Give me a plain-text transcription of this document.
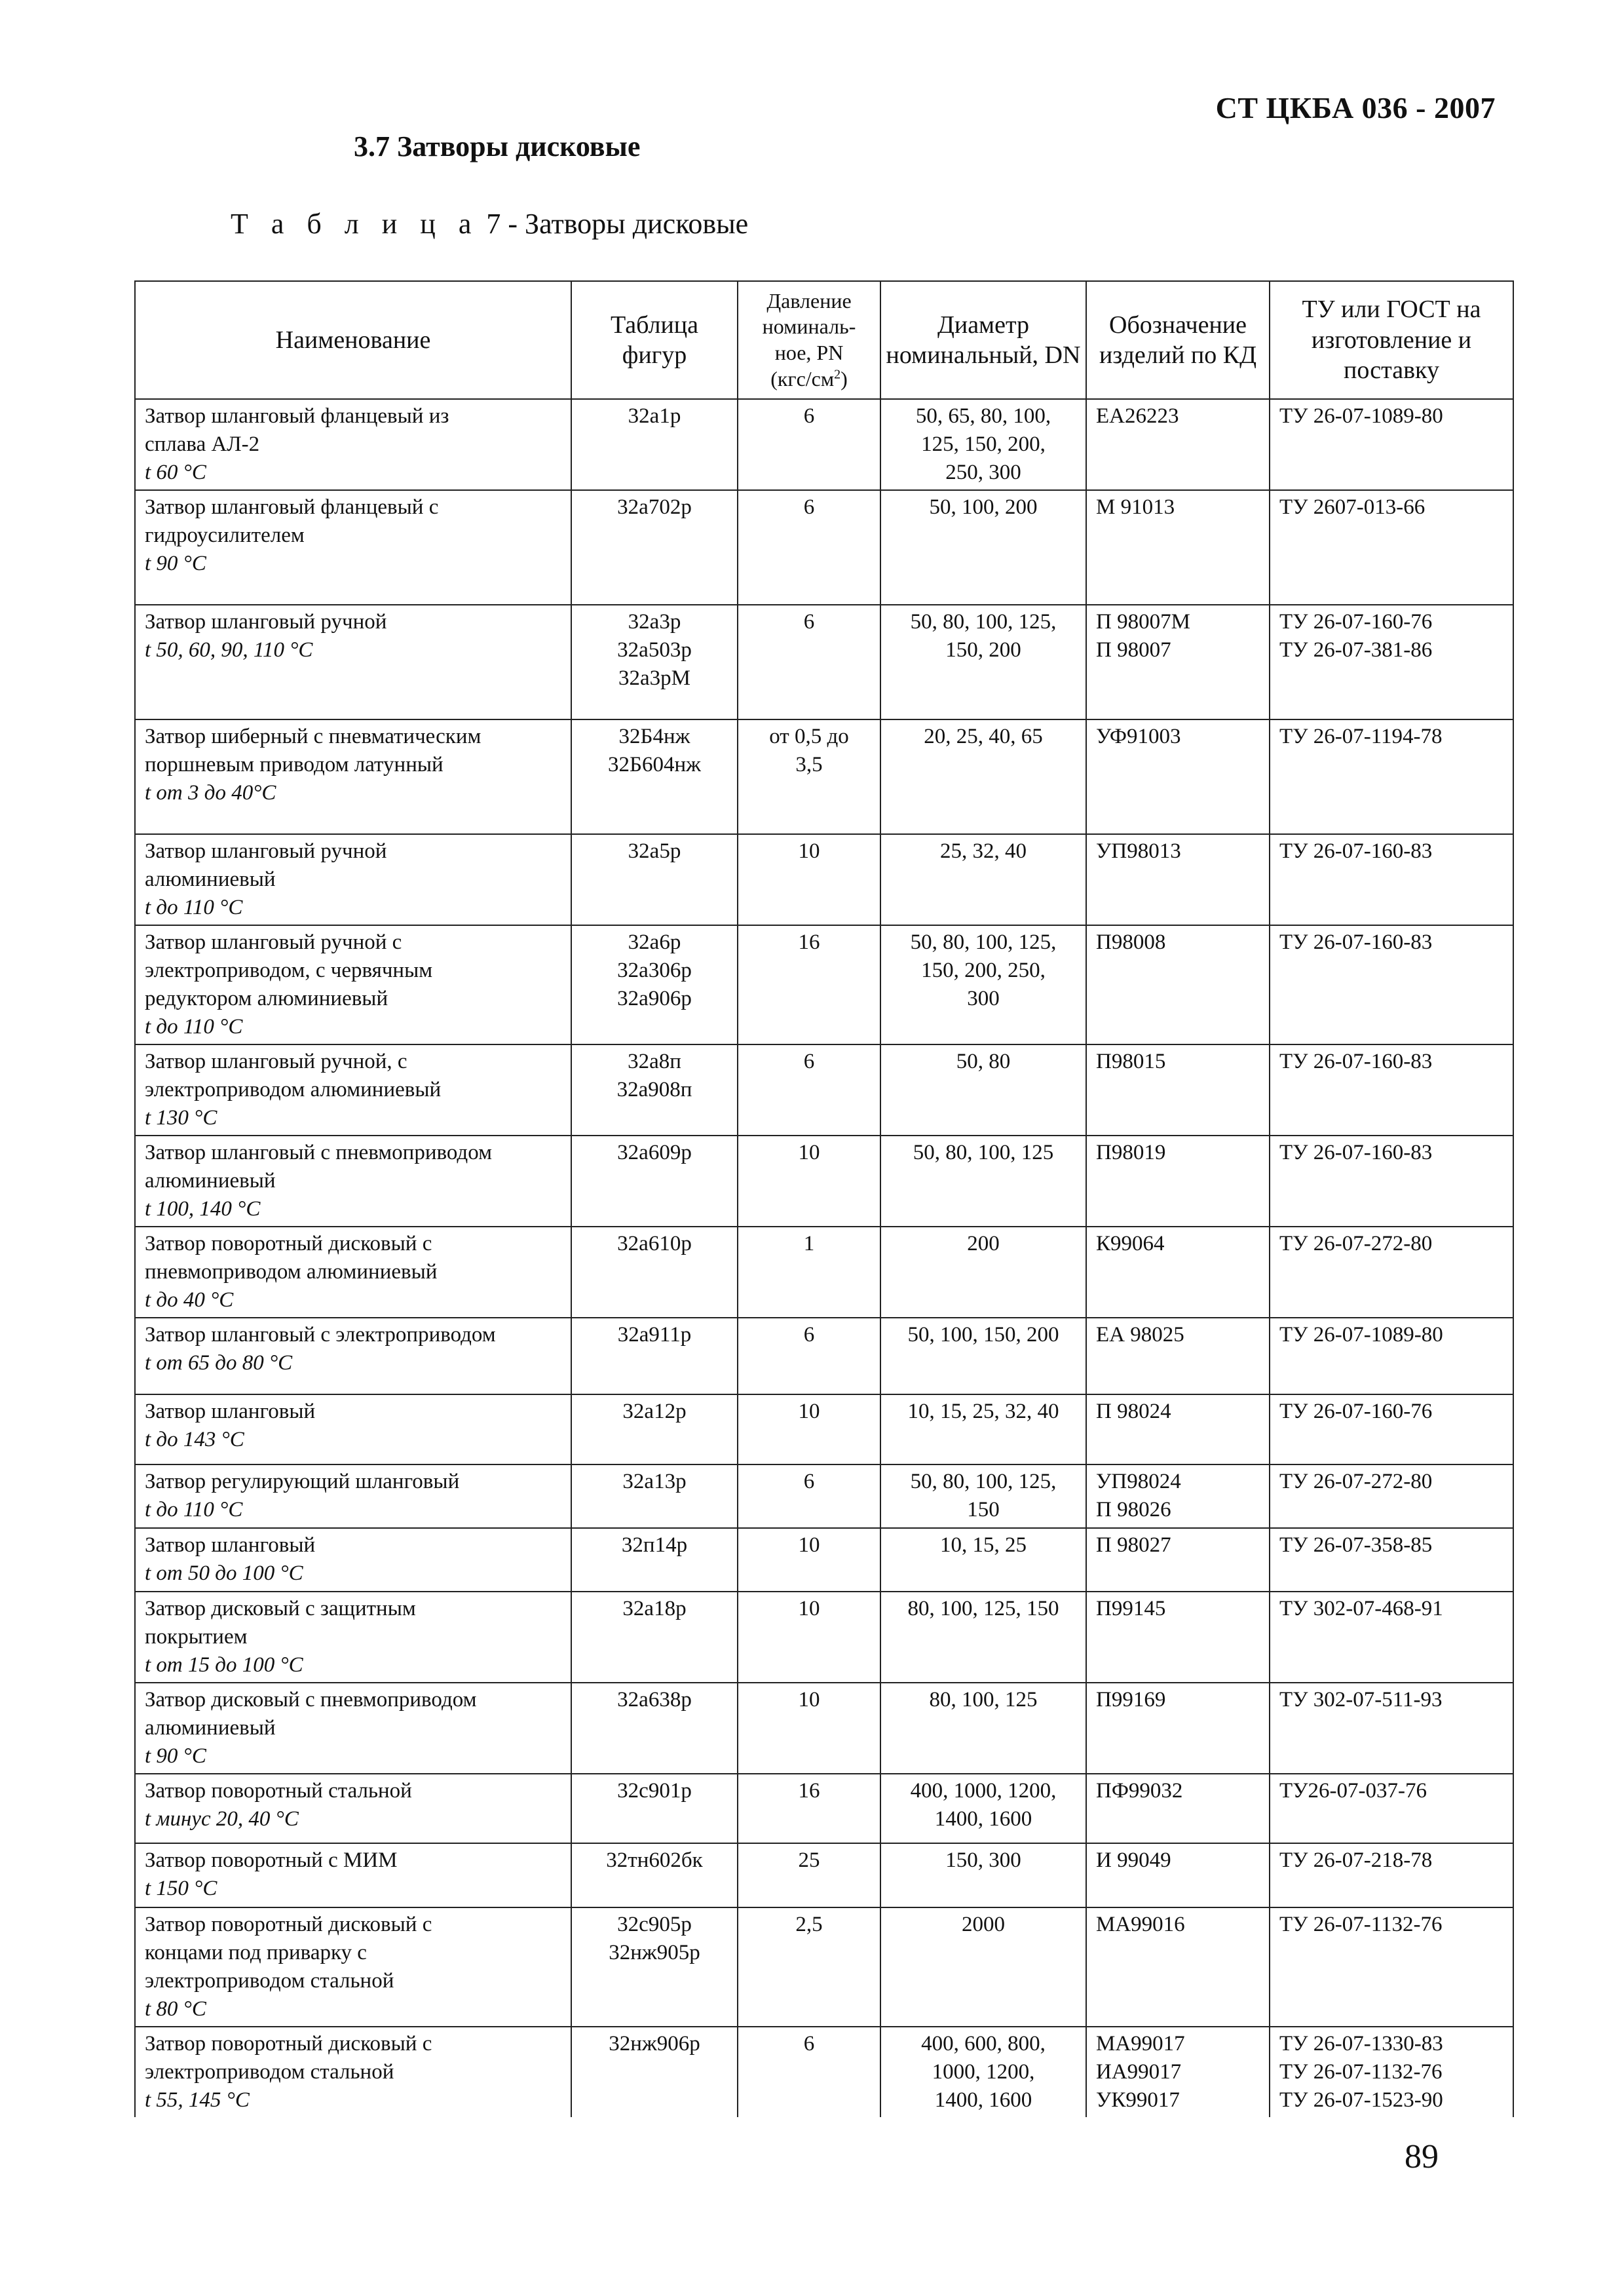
СТ ЦКБА 036 - 2007
3.7 Затворы дисковые
Т а б л и ц а 7 - Затворы дисковые
Наименование	Таблица фигур	Давление
номиналь-
ное, PN
$(кгс/см^2)$	Диаметр номинальный, DN	Обозначение изделий по КД	ТУ или ГОСТ на изготовление и поставку

Затвор шланговый фланцевый из
сплава АЛ-2
t 60 °C	32а1р	6	50, 65, 80, 100,
125, 150, 200,
250, 300	ЕА26223	ТУ 26-07-1089-80

Затвор шланговый фланцевый с
гидроусилителем
t 90 °C	32а702р	6	50, 100, 200	М 91013	ТУ 2607-013-66

Затвор шланговый ручной
t 50, 60, 90, 110 °C	32а3р
32а503р
32а3рМ	6	50, 80, 100, 125,
150, 200	П 98007М
П 98007	ТУ 26-07-160-76
ТУ 26-07-381-86

Затвор шиберный с пневматическим
поршневым приводом латунный
t от 3 до 40°C	32Б4нж
32Б604нж	от 0,5 до
3,5	20, 25, 40, 65	УФ91003	ТУ 26-07-1194-78

Затвор шланговый ручной
алюминиевый
t до 110 °C	32а5р	10	25, 32, 40	УП98013	ТУ 26-07-160-83

Затвор шланговый ручной с
электроприводом, с червячным
редуктором алюминиевый
t до 110 °C	32а6р
32а306р
32а906р	16	50, 80, 100, 125,
150, 200, 250,
300	П98008	ТУ 26-07-160-83

Затвор шланговый ручной, с
электроприводом алюминиевый
t 130 °C	32а8п
32а908п	6	50, 80	П98015	ТУ 26-07-160-83

Затвор шланговый с пневмоприводом
алюминиевый
t 100, 140 °C	32а609р	10	50, 80, 100, 125	П98019	ТУ 26-07-160-83

Затвор поворотный дисковый с
пневмоприводом алюминиевый
t до 40 °C	32а610р	1	200	К99064	ТУ 26-07-272-80

Затвор шланговый с электроприводом
t от 65 до 80 °C	32а911р	6	50, 100, 150, 200	ЕА 98025	ТУ 26-07-1089-80

Затвор шланговый
t до 143 °C	32а12р	10	10, 15, 25, 32, 40	П 98024	ТУ 26-07-160-76

Затвор регулирующий шланговый
t до 110 °C	32а13р	6	50, 80, 100, 125,
150	УП98024
П 98026	ТУ 26-07-272-80

Затвор шланговый
t от 50 до 100 °C	32п14р	10	10, 15, 25	П 98027	ТУ 26-07-358-85

Затвор дисковый с защитным
покрытием
t от 15 до 100 °C	32а18р	10	80, 100, 125, 150	П99145	ТУ 302-07-468-91

Затвор дисковый с пневмоприводом
алюминиевый
t 90 °C	32а638р	10	80, 100, 125	П99169	ТУ 302-07-511-93

Затвор поворотный стальной
t минус 20, 40 °C	32с901р	16	400, 1000, 1200,
1400, 1600	ПФ99032	ТУ26-07-037-76

Затвор поворотный с МИМ
t 150 °C	32тн602бк	25	150, 300	И 99049	ТУ 26-07-218-78

Затвор поворотный дисковый с
концами под приварку с
электроприводом стальной
t 80 °C	32с905р
32нж905р	2,5	2000	МА99016	ТУ 26-07-1132-76

Затвор поворотный дисковый с
электроприводом стальной
t 55, 145 °C	32нж906р	6	400, 600, 800,
1000, 1200,
1400, 1600	МА99017
ИА99017
УК99017	ТУ 26-07-1330-83
ТУ 26-07-1132-76
ТУ 26-07-1523-90
89
